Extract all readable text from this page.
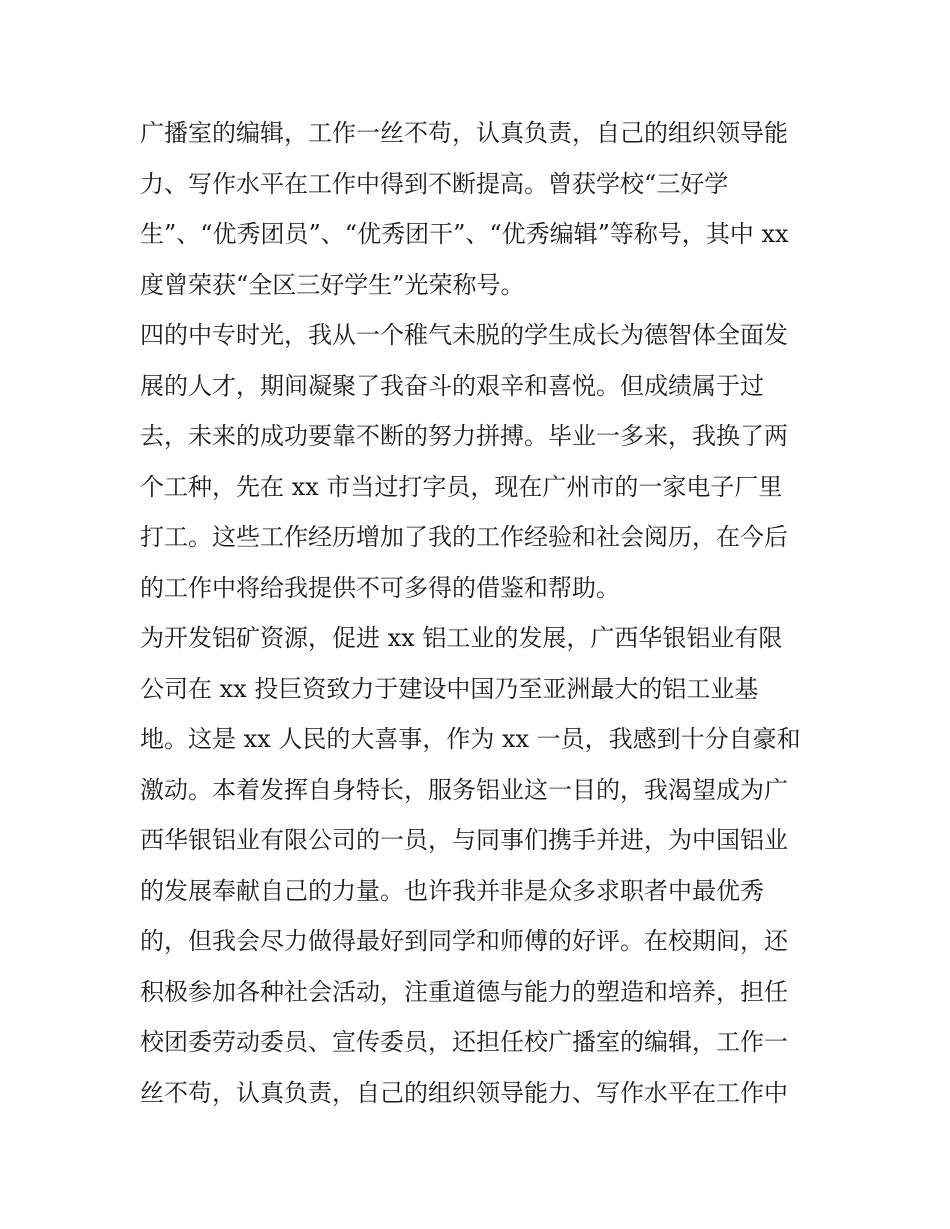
广播室的编辑，工作一丝不苟，认真负责，自己的组织领导能
力、写作水平在工作中得到不断提高。曾获学校“三好学
生”、“优秀团员”、“优秀团干”、“优秀编辑”等称号，其中 xx
度曾荣获“全区三好学生”光荣称号。
四的中专时光，我从一个稚气未脱的学生成长为德智体全面发
展的人才，期间凝聚了我奋斗的艰辛和喜悦。但成绩属于过
去，未来的成功要靠不断的努力拼搏。毕业一多来，我换了两
个工种，先在 xx 市当过打字员，现在广州市的一家电子厂里
打工。这些工作经历增加了我的工作经验和社会阅历，在今后
的工作中将给我提供不可多得的借鉴和帮助。
为开发铝矿资源，促进 xx 铝工业的发展，广西华银铝业有限
公司在 xx 投巨资致力于建设中国乃至亚洲最大的铝工业基
地。这是 xx 人民的大喜事，作为 xx 一员，我感到十分自豪和
激动。本着发挥自身特长，服务铝业这一目的，我渴望成为广
西华银铝业有限公司的一员，与同事们携手并进，为中国铝业
的发展奉献自己的力量。也许我并非是众多求职者中最优秀
的，但我会尽力做得最好到同学和师傅的好评。在校期间，还
积极参加各种社会活动，注重道德与能力的塑造和培养，担任
校团委劳动委员、宣传委员，还担任校广播室的编辑，工作一
丝不苟，认真负责，自己的组织领导能力、写作水平在工作中
